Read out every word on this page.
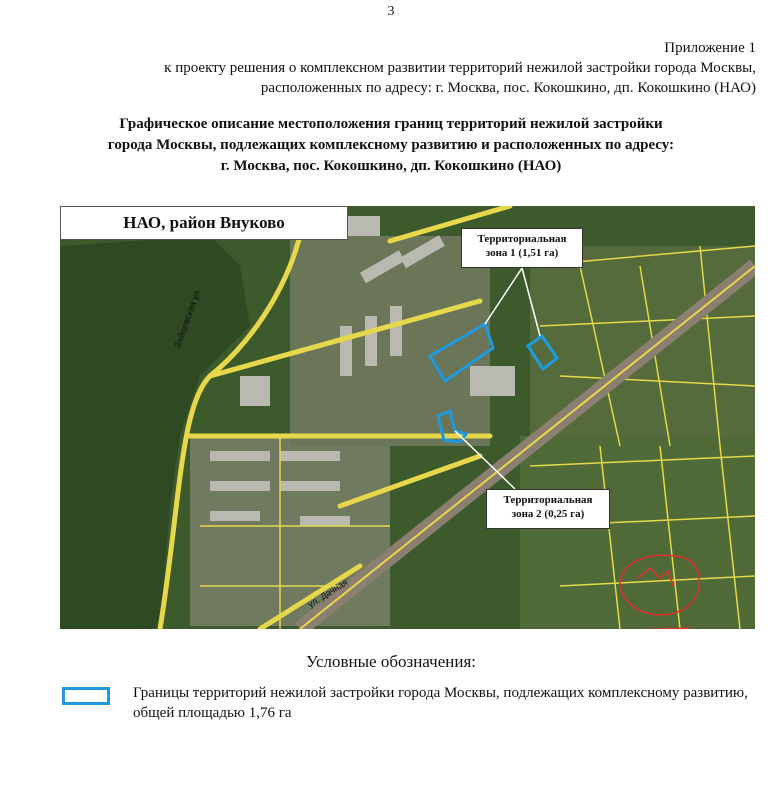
3
Приложение 1
к проекту решения о комплексном развитии территорий нежилой застройки города Москвы,
расположенных по адресу: г. Москва, пос. Кокошкино, дп. Кокошкино (НАО)
Графическое описание местоположения границ территорий нежилой застройки
города Москвы, подлежащих комплексному развитию и расположенных по адресу:
г. Москва, пос. Кокошкино, дп. Кокошкино (НАО)
НАО, район Внуково
Территориальная
зона 1 (1,51 га)
Территориальная
зона 2 (0,25 га)
Зайцевская ул
ул. Дачная
Условные обозначения:
Границы территорий нежилой застройки города Москвы, подлежащих комплексному развитию, общей площадью 1,76 га
